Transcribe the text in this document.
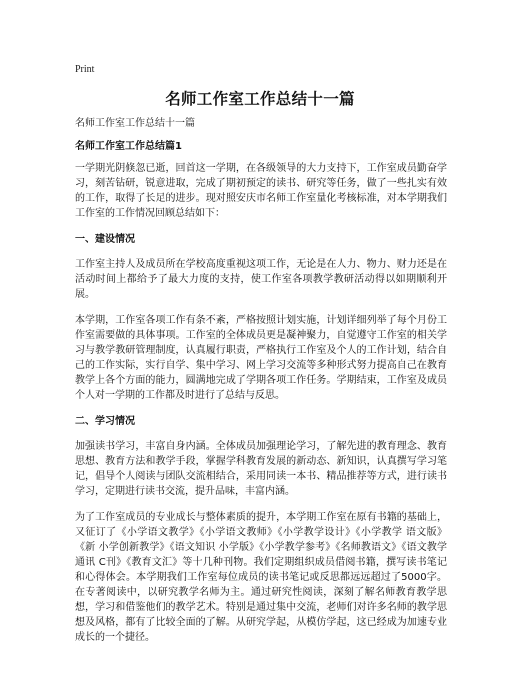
Print
名师工作室工作总结十一篇

名师工作室工作总结十一篇

名师工作室工作总结篇1

一学期光阴倏忽已逝，回首这一学期，在各级领导的大力支持下，工作室成员勤奋学习，刻苦钻研，锐意进取，完成了期初预定的读书、研究等任务，做了一些扎实有效的工作，取得了长足的进步。现对照安庆市名师工作室量化考核标准，对本学期我们工作室的工作情况回顾总结如下：

一、建设情况

工作室主持人及成员所在学校高度重视这项工作，无论是在人力、物力、财力还是在活动时间上都给予了最大力度的支持，使工作室各项教学教研活动得以如期顺利开展。

本学期，工作室各项工作有条不紊，严格按照计划实施，计划详细列举了每个月份工作室需要做的具体事项。工作室的全体成员更是凝神聚力，自觉遵守工作室的相关学习与教学教研管理制度，认真履行职责，严格执行工作室及个人的工作计划，结合自己的工作实际，实行自学、集中学习、网上学习交流等多种形式努力提高自己在教育教学上各个方面的能力，圆满地完成了学期各项工作任务。学期结束，工作室及成员个人对一学期的工作都及时进行了总结与反思。

二、学习情况

加强读书学习，丰富自身内涵。全体成员加强理论学习，了解先进的教育理念、教育思想、教育方法和教学手段，掌握学科教育发展的新动态、新知识，认真撰写学习笔记，倡导个人阅读与团队交流相结合，采用同读一本书、精品推荐等方式，进行读书学习，定期进行读书交流，提升品味，丰富内涵。

为了工作室成员的专业成长与整体素质的提升，本学期工作室在原有书籍的基础上，又征订了《小学语文教学》《小学语文教师》《小学教学设计》《小学教学 语文版》《新 小学创新教学》《语文知识 小学版》《小学教学参考》《名师教语文》《语文教学通讯 C刊》《教育文汇》等十几种刊物。我们定期组织成员借阅书籍，撰写读书笔记和心得体会。本学期我们工作室每位成员的读书笔记或反思都远远超过了5000字。在专著阅读中，以研究教学名师为主。通过研究性阅读，深刻了解名师教育教学思想，学习和借鉴他们的教学艺术。特别是通过集中交流，老师们对许多名师的教学思想及风格，都有了比较全面的了解。从研究学起，从模仿学起，这已经成为加速专业成长的一个捷径。
